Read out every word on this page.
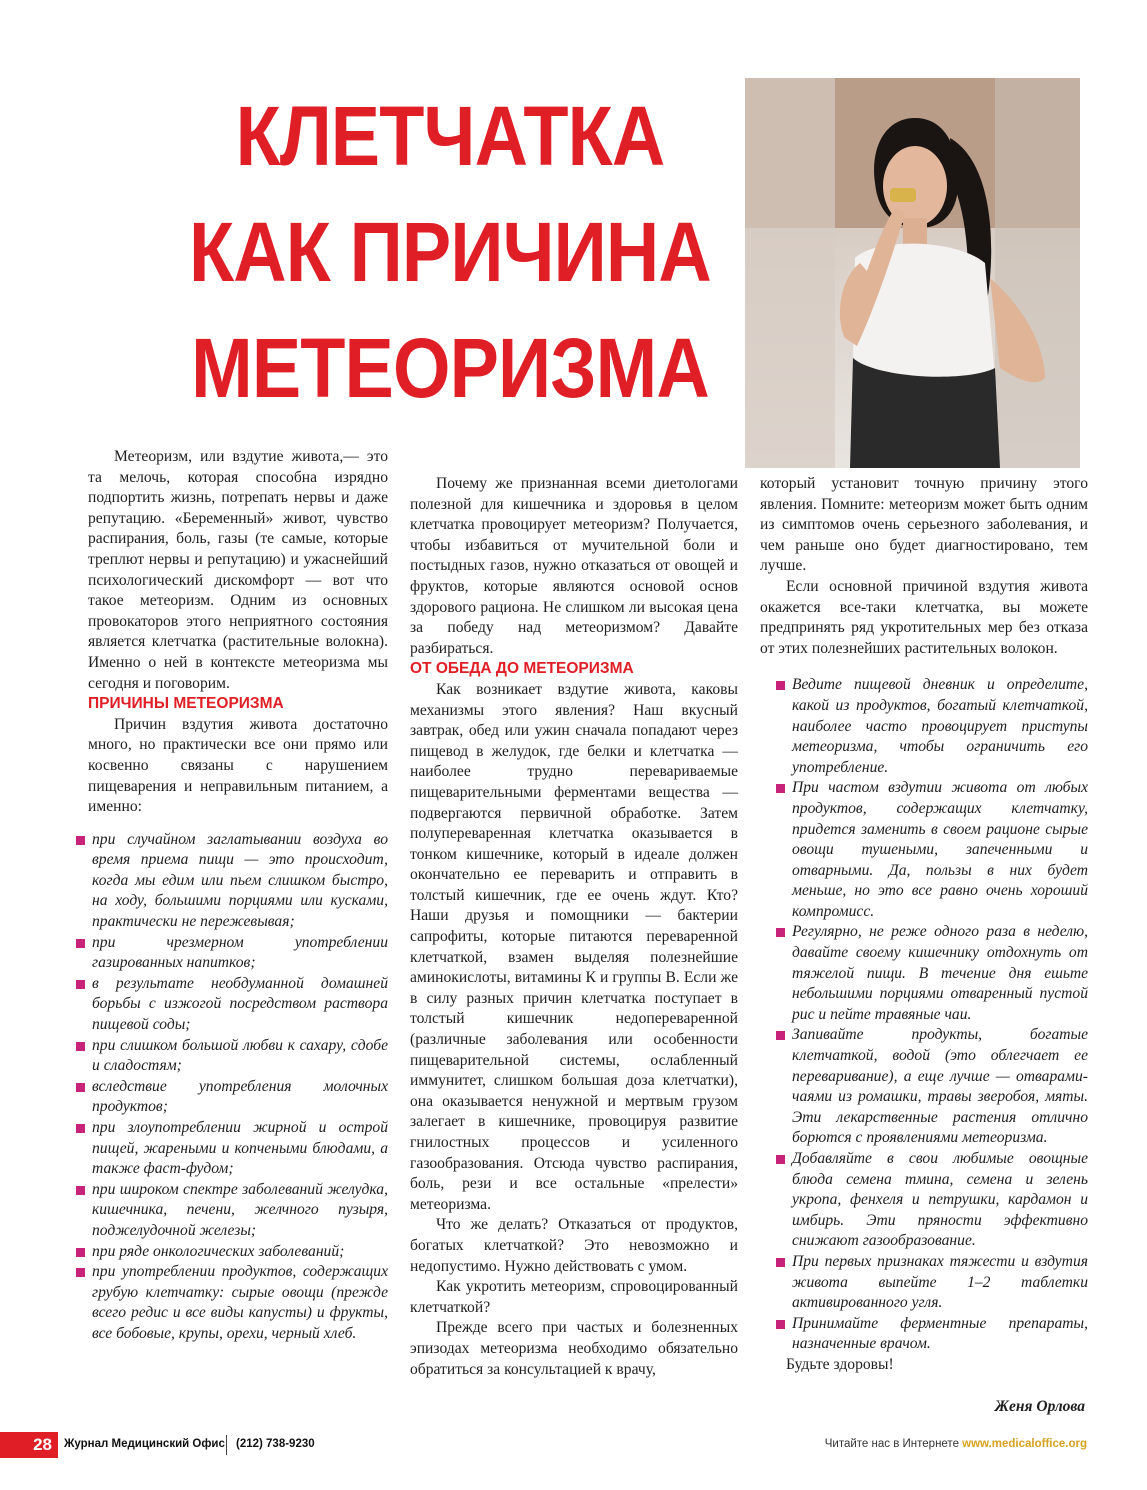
КЛЕТЧАТКА
КАК ПРИЧИНА
МЕТЕОРИЗМА

Метеоризм, или вздутие живота,— это та мелочь, которая способна изрядно подпортить жизнь, потрепать нервы и даже репутацию. «Беременный» живот, чувство распирания, боль, газы (те самые, которые треплют нервы и репутацию) и ужаснейший психологический дискомфорт — вот что такое метеоризм. Одним из основных провокаторов этого неприятного состояния является клетчатка (растительные волокна). Именно о ней в контексте метеоризма мы сегодня и поговорим.

ПРИЧИНЫ МЕТЕОРИЗМА

Причин вздутия живота достаточно много, но практически все они прямо или косвенно связаны с нарушением пищеварения и неправильным питанием, а именно:

при случайном заглатывании воздуха во время приема пищи — это происходит, когда мы едим или пьем слишком быстро, на ходу, большими порциями или кусками, практически не пережевывая;
при чрезмерном употреблении газированных напитков;
в результате необдуманной домашней борьбы с изжогой посредством раствора пищевой соды;
при слишком большой любви к сахару, сдобе и сладостям;
вследствие употребления молочных продуктов;
при злоупотреблении жирной и острой пищей, жареными и копчеными блюдами, а также фаст-фудом;
при широком спектре заболеваний желудка, кишечника, печени, желчного пузыря, поджелудочной железы;
при ряде онкологических заболеваний;
при употреблении продуктов, содержащих грубую клетчатку: сырые овощи (прежде всего редис и все виды капусты) и фрукты, все бобовые, крупы, орехи, черный хлеб.

Почему же признанная всеми диетологами полезной для кишечника и здоровья в целом клетчатка провоцирует метеоризм? Получается, чтобы избавиться от мучительной боли и постыдных газов, нужно отказаться от овощей и фруктов, которые являются основой основ здорового рациона. Не слишком ли высокая цена за победу над метеоризмом? Давайте разбираться.

ОТ ОБЕДА ДО МЕТЕОРИЗМА

Как возникает вздутие живота, каковы механизмы этого явления? Наш вкусный завтрак, обед или ужин сначала попадают через пищевод в желудок, где белки и клетчатка — наиболее трудно перевариваемые пищеварительными ферментами вещества — подвергаются первичной обработке. Затем полупереваренная клетчатка оказывается в тонком кишечнике, который в идеале должен окончательно ее переварить и отправить в толстый кишечник, где ее очень ждут. Кто? Наши друзья и помощники — бактерии сапрофиты, которые питаются переваренной клетчаткой, взамен выделяя полезнейшие аминокислоты, витамины К и группы В. Если же в силу разных причин клетчатка поступает в толстый кишечник недопереваренной (различные заболевания или особенности пищеварительной системы, ослабленный иммунитет, слишком большая доза клетчатки), она оказывается ненужной и мертвым грузом залегает в кишечнике, провоцируя развитие гнилостных процессов и усиленного газообразования. Отсюда чувство распирания, боль, рези и все остальные «прелести» метеоризма.

Что же делать? Отказаться от продуктов, богатых клетчаткой? Это невозможно и недопустимо. Нужно действовать с умом.

Как укротить метеоризм, спровоцированный клетчаткой?

Прежде всего при частых и болезненных эпизодах метеоризма необходимо обязательно обратиться за консультацией к врачу,

который установит точную причину этого явления. Помните: метеоризм может быть одним из симптомов очень серьезного заболевания, и чем раньше оно будет диагностировано, тем лучше.

Если основной причиной вздутия живота окажется все-таки клетчатка, вы можете предпринять ряд укротительных мер без отказа от этих полезнейших растительных волокон.

Ведите пищевой дневник и определите, какой из продуктов, богатый клетчаткой, наиболее часто провоцирует приступы метеоризма, чтобы ограничить его употребление.
При частом вздутии живота от любых продуктов, содержащих клетчатку, придется заменить в своем рационе сырые овощи тушеными, запеченными и отварными. Да, пользы в них будет меньше, но это все равно очень хороший компромисс.
Регулярно, не реже одного раза в неделю, давайте своему кишечнику отдохнуть от тяжелой пищи. В течение дня ешьте небольшими порциями отваренный пустой рис и пейте травяные чаи.
Запивайте продукты, богатые клетчаткой, водой (это облегчает ее переваривание), а еще лучше — отварами-чаями из ромашки, травы зверобоя, мяты. Эти лекарственные растения отлично борются с проявлениями метеоризма.
Добавляйте в свои любимые овощные блюда семена тмина, семена и зелень укропа, фенхеля и петрушки, кардамон и имбирь. Эти пряности эффективно снижают газообразование.
При первых признаках тяжести и вздутия живота выпейте 1–2 таблетки активированного угля.
Принимайте ферментные препараты, назначенные врачом.

Будьте здоровы!

Женя Орлова
28	Журнал Медицинский Офис (212) 738-9230	Читайте нас в Интернете www.medicaloffice.org
